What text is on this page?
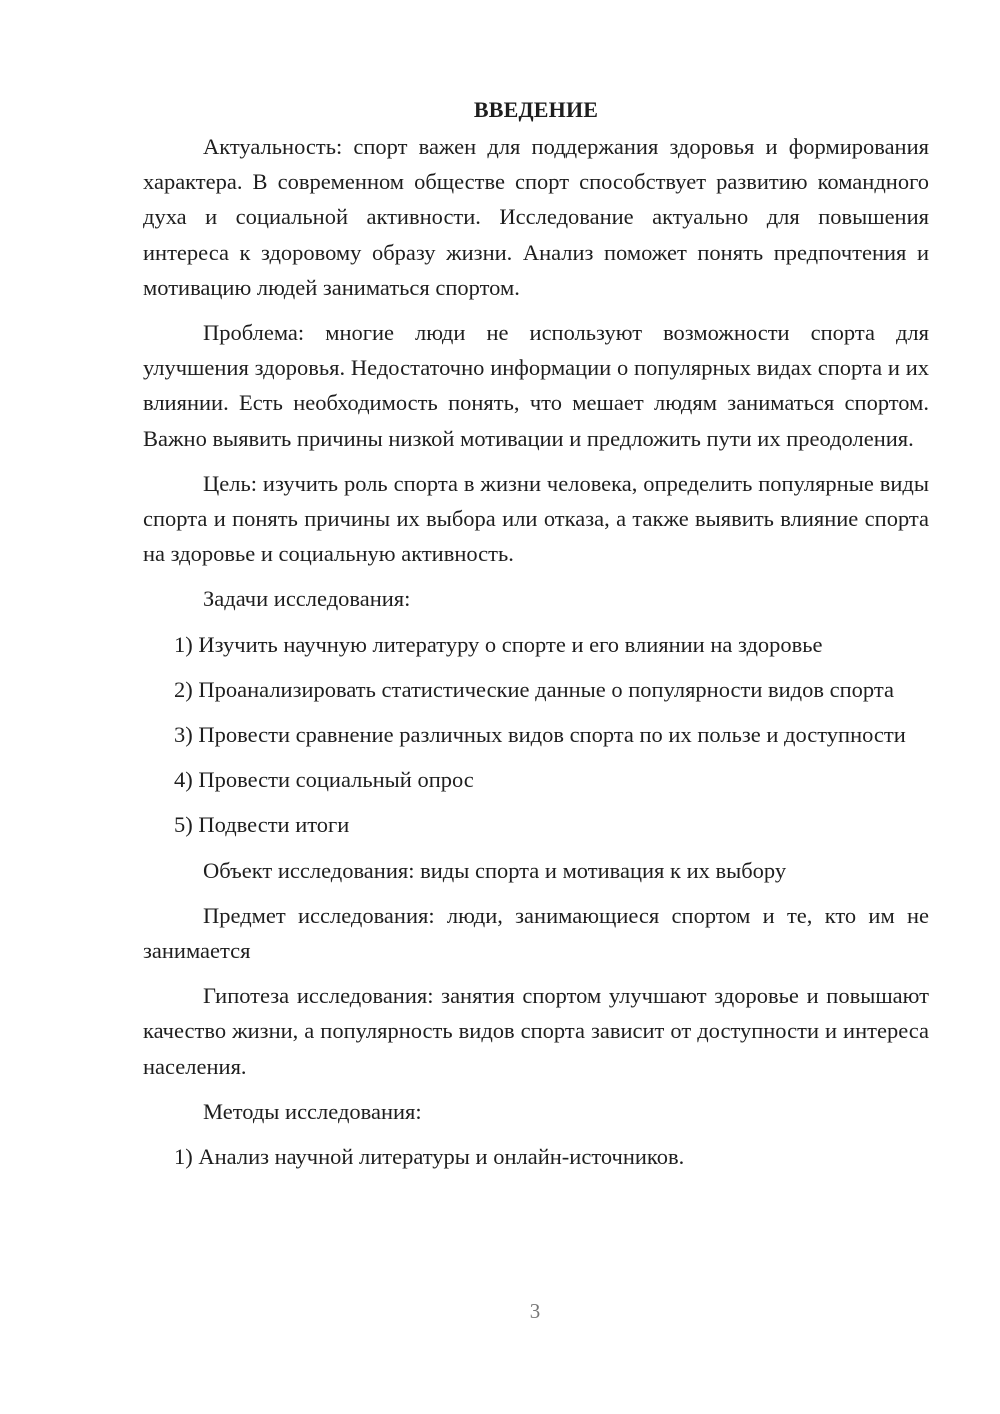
ВВЕДЕНИЕ

Актуальность: спорт важен для поддержания здоровья и формирования характера. В современном обществе спорт способствует развитию командного духа и социальной активности. Исследование актуально для повышения интереса к здоровому образу жизни. Анализ поможет понять предпочтения и мотивацию людей заниматься спортом.

Проблема: многие люди не используют возможности спорта для улучшения здоровья. Недостаточно информации о популярных видах спорта и их влиянии. Есть необходимость понять, что мешает людям заниматься спортом. Важно выявить причины низкой мотивации и предложить пути их преодоления.

Цель: изучить роль спорта в жизни человека, определить популярные виды спорта и понять причины их выбора или отказа, а также выявить влияние спорта на здоровье и социальную активность.

Задачи исследования:

1) Изучить научную литературу о спорте и его влиянии на здоровье

2) Проанализировать статистические данные о популярности видов спорта

3) Провести сравнение различных видов спорта по их пользе и доступности

4) Провести социальный опрос

5) Подвести итоги

Объект исследования: виды спорта и мотивация к их выбору

Предмет исследования: люди, занимающиеся спортом и те, кто им не занимается

Гипотеза исследования: занятия спортом улучшают здоровье и повышают качество жизни, а популярность видов спорта зависит от доступности и интереса населения.

Методы исследования:

1) Анализ научной литературы и онлайн-источников.

3
